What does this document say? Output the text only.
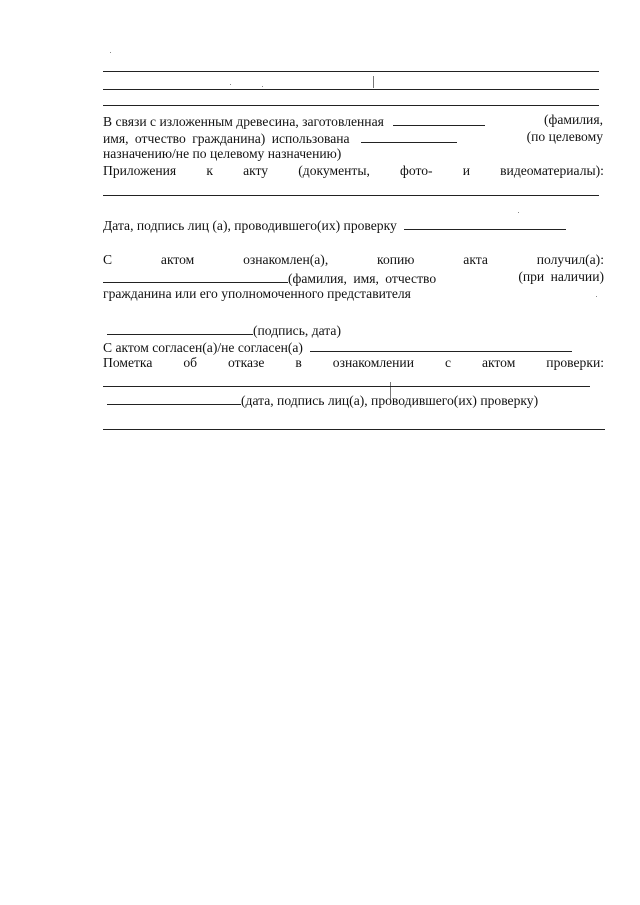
В связи с изложенным древесина, заготовленная	(фамилия,
имя, отчество гражданина) использована	(по целевому
назначению/не по целевому назначению)
Приложения к акту (документы, фото- и видеоматериалы):
Дата, подпись лиц (а), проводившего(их) проверку
С	актом	ознакомлен(а),	копию	акта	получил(а):
(фамилия, имя, отчество	(при наличии)
гражданина или его уполномоченного представителя
(подпись, дата)
С актом согласен(а)/не согласен(а)
Пометка об отказе в ознакомлении с актом проверки:
(дата, подпись лиц(а), проводившего(их) проверку)
